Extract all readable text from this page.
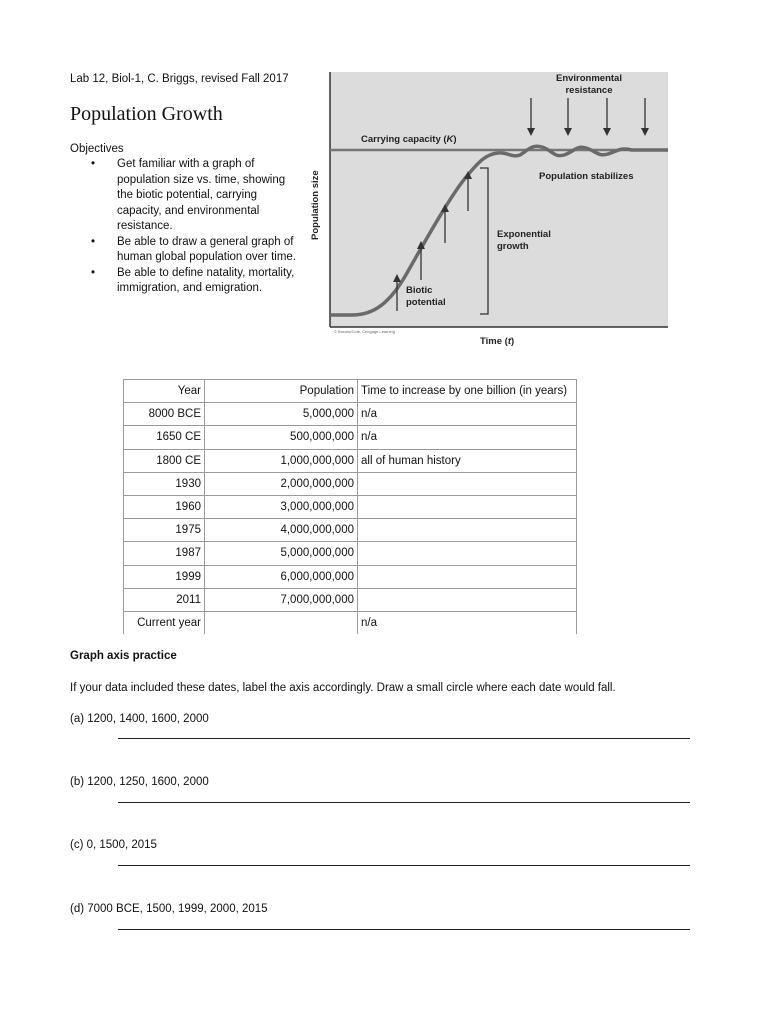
Lab 12, Biol-1, C. Briggs, revised Fall 2017
Population Growth
Objectives
• Get familiar with a graph of population size vs. time, showing the biotic potential, carrying capacity, and environmental resistance.
• Be able to draw a general graph of human global population over time.
• Be able to define natality, mortality, immigration, and emigration.
Environmental
resistance
Carrying capacity (K)
Population stabilizes
Exponential
growth
Biotic
potential
Population size
Time (t)
© Brooks/Cole, Cengage Learning
Year	Population	Time to increase by one billion (in years)
8000 BCE	5,000,000	n/a
1650 CE	500,000,000	n/a
1800 CE	1,000,000,000	all of human history
1930	2,000,000,000	
1960	3,000,000,000	
1975	4,000,000,000	
1987	5,000,000,000	
1999	6,000,000,000	
2011	7,000,000,000	
Current year		n/a
Graph axis practice
If your data included these dates, label the axis accordingly. Draw a small circle where each date would fall.
(a) 1200, 1400, 1600, 2000
(b) 1200, 1250, 1600, 2000
(c) 0, 1500, 2015
(d) 7000 BCE, 1500, 1999, 2000, 2015
